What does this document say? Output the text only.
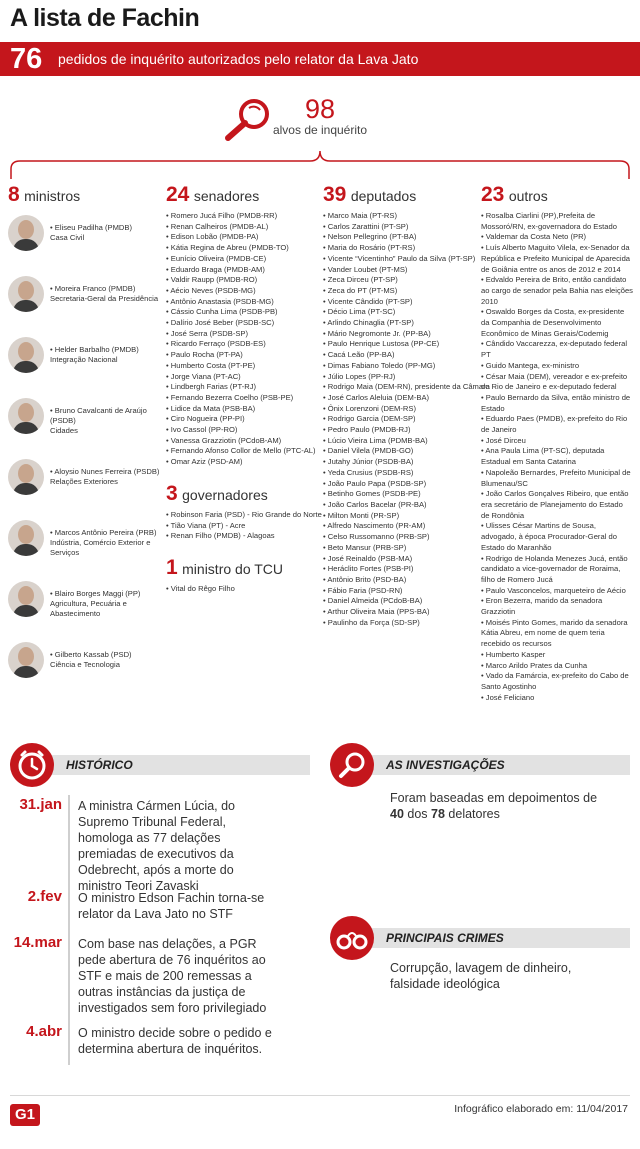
A lista de Fachin
76 pedidos de inquérito autorizados pelo relator da Lava Jato
98
alvos de inquérito
8 ministros
• Eliseu Padilha (PMDB)
Casa Civil
• Moreira Franco (PMDB)
Secretaria-Geral da Presidência
• Helder Barbalho (PMDB)
Integração Nacional
• Bruno Cavalcanti de Araújo (PSDB)
Cidades
• Aloysio Nunes Ferreira (PSDB)
Relações Exteriores
• Marcos Antônio Pereira (PRB)
Indústria, Comércio Exterior e Serviços
• Blairo Borges Maggi (PP)
Agricultura, Pecuária e Abastecimento
• Gilberto Kassab (PSD)
Ciência e Tecnologia
24 senadores
• Romero Jucá Filho (PMDB-RR)
• Renan Calheiros (PMDB-AL)
• Edison Lobão (PMDB-PA)
• Kátia Regina de Abreu (PMDB-TO)
• Eunício Oliveira (PMDB-CE)
• Eduardo Braga (PMDB-AM)
• Valdir Raupp (PMDB-RO)
• Aécio Neves (PSDB-MG)
• Antônio Anastasia (PSDB-MG)
• Cássio Cunha Lima (PSDB-PB)
• Dalírio José Beber (PSDB-SC)
• José Serra (PSDB-SP)
• Ricardo Ferraço (PSDB-ES)
• Paulo Rocha (PT-PA)
• Humberto Costa (PT-PE)
• Jorge Viana (PT-AC)
• Lindbergh Farias (PT-RJ)
• Fernando Bezerra Coelho (PSB-PE)
• Lidice da Mata (PSB-BA)
• Ciro Nogueira (PP-PI)
• Ivo Cassol (PP-RO)
• Vanessa Grazziotin (PCdoB-AM)
• Fernando Afonso Collor de Mello (PTC-AL)
• Omar Aziz (PSD-AM)
3 governadores
• Robinson Faria (PSD) - Rio Grande do Norte
• Tião Viana (PT) - Acre
• Renan Filho (PMDB) - Alagoas
1 ministro do TCU
• Vital do Rêgo Filho
39 deputados
• Marco Maia (PT-RS)
• Carlos Zarattini (PT-SP)
• Nelson Pellegrino (PT-BA)
• Maria do Rosário (PT-RS)
• Vicente “Vicentinho” Paulo da Silva (PT-SP)
• Vander Loubet (PT-MS)
• Zeca Dirceu (PT-SP)
• Zeca do PT (PT-MS)
• Vicente Cândido (PT-SP)
• Décio Lima (PT-SC)
• Arlindo Chinaglia (PT-SP)
• Mário Negromonte Jr. (PP-BA)
• Paulo Henrique Lustosa (PP-CE)
• Cacá Leão (PP-BA)
• Dimas Fabiano Toledo (PP-MG)
• Júlio Lopes (PP-RJ)
• Rodrigo Maia (DEM-RN), presidente da Câmara
• José Carlos Aleluia (DEM-BA)
• Ônix Lorenzoni (DEM-RS)
• Rodrigo Garcia (DEM-SP)
• Pedro Paulo (PMDB-RJ)
• Lúcio Vieira Lima (PDMB-BA)
• Daniel Vilela (PMDB-GO)
• Jutahy Júnior (PSDB-BA)
• Yeda Crusius (PSDB-RS)
• João Paulo Papa (PSDB-SP)
• Betinho Gomes (PSDB-PE)
• João Carlos Bacelar (PR-BA)
• Milton Monti (PR-SP)
• Alfredo Nascimento (PR-AM)
• Celso Russomanno (PRB-SP)
• Beto Mansur (PRB-SP)
• José Reinaldo (PSB-MA)
• Heráclito Fortes (PSB-PI)
• Antônio Brito (PSD-BA)
• Fábio Faria (PSD-RN)
• Daniel Almeida (PCdoB-BA)
• Arthur Oliveira Maia (PPS-BA)
• Paulinho da Força (SD-SP)
23 outros
• Rosalba Ciarlini (PP),Prefeita de Mossoró/RN, ex-governadora do Estado
• Valdemar da Costa Neto (PR)
• Luís Alberto Maguito Vilela, ex-Senador da República e Prefeito Municipal de Aparecida de Goiânia entre os anos de 2012 e 2014
• Edvaldo Pereira de Brito, então candidato ao cargo de senador pela Bahia nas eleições 2010
• Oswaldo Borges da Costa, ex-presidente da Companhia de Desenvolvimento Econômico de Minas Gerais/Codemig
• Cândido Vaccarezza, ex-deputado federal PT
• Guido Mantega, ex-ministro
• César Maia (DEM), vereador e ex-prefeito do Rio de Janeiro e ex-deputado federal
• Paulo Bernardo da Silva, então ministro de Estado
• Eduardo Paes (PMDB), ex-prefeito do Rio de Janeiro
• José Dirceu
• Ana Paula Lima (PT-SC), deputada Estadual em Santa Catarina
• Napoleão Bernardes, Prefeito Municipal de Blumenau/SC
• João Carlos Gonçalves Ribeiro, que então era secretário de Planejamento do Estado de Rondônia
• Ulisses César Martins de Sousa, advogado, à época Procurador-Geral do Estado do Maranhão
• Rodrigo de Holanda Menezes Jucá, então candidato a vice-governador de Roraima, filho de Romero Jucá
• Paulo Vasconcelos, marqueteiro de Aécio
• Eron Bezerra, marido da senadora Grazziotin
• Moisés Pinto Gomes, marido da senadora Kátia Abreu, em nome de quem teria recebido os recursos
• Humberto Kasper
• Marco Arildo Prates da Cunha
• Vado da Famárcia, ex-prefeito do Cabo de Santo Agostinho
• José Feliciano
HISTÓRICO
31.jan A ministra Cármen Lúcia, do Supremo Tribunal Federal, homologa as 77 delações premiadas de executivos da Odebrecht, após a morte do ministro Teori Zavaski
2.fev O ministro Edson Fachin torna-se relator da Lava Jato no STF
14.mar Com base nas delações, a PGR pede abertura de 76 inquéritos ao STF e mais de 200 remessas a outras instâncias da justiça de investigados sem foro privilegiado
4.abr O ministro decide sobre o pedido e determina abertura de inquéritos.
AS INVESTIGAÇÕES
Foram baseadas em depoimentos de 40 dos 78 delatores
PRINCIPAIS CRIMES
Corrupção, lavagem de dinheiro, falsidade ideológica
G1	Infográfico elaborado em: 11/04/2017
